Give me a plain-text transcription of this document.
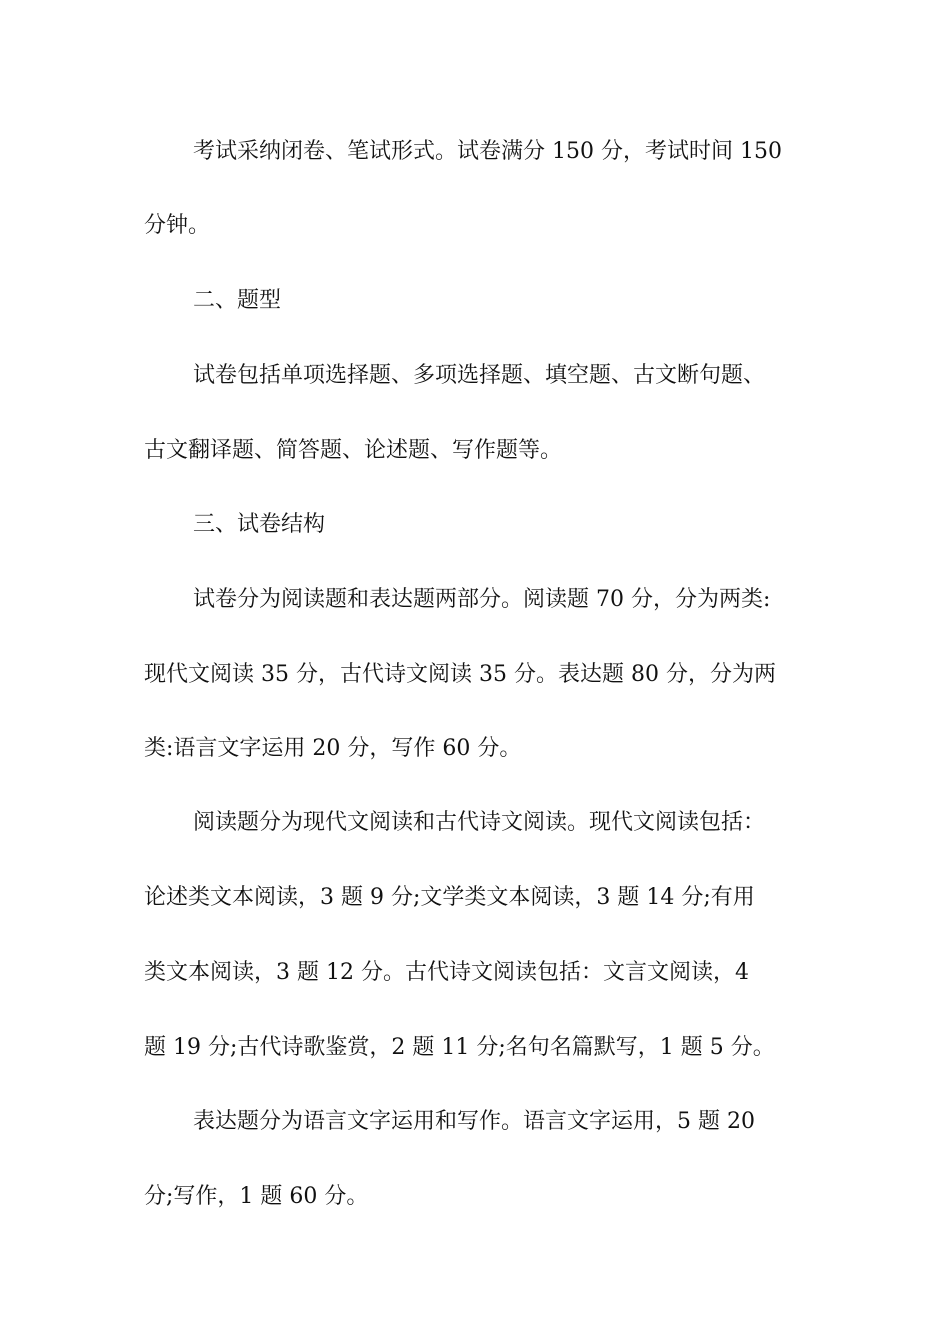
考试采纳闭卷、笔试形式。试卷满分 150 分，考试时间 150
分钟。
二、题型
试卷包括单项选择题、多项选择题、填空题、古文断句题、
古文翻译题、简答题、论述题、写作题等。
三、试卷结构
试卷分为阅读题和表达题两部分。阅读题 70 分，分为两类:
现代文阅读 35 分，古代诗文阅读 35 分。表达题 80 分，分为两
类:语言文字运用 20 分，写作 60 分。
阅读题分为现代文阅读和古代诗文阅读。现代文阅读包括：
论述类文本阅读，3 题 9 分;文学类文本阅读，3 题 14 分;有用
类文本阅读，3 题 12 分。古代诗文阅读包括：文言文阅读，4
题 19 分;古代诗歌鉴赏，2 题 11 分;名句名篇默写，1 题 5 分。
表达题分为语言文字运用和写作。语言文字运用，5 题 20
分;写作，1 题 60 分。
